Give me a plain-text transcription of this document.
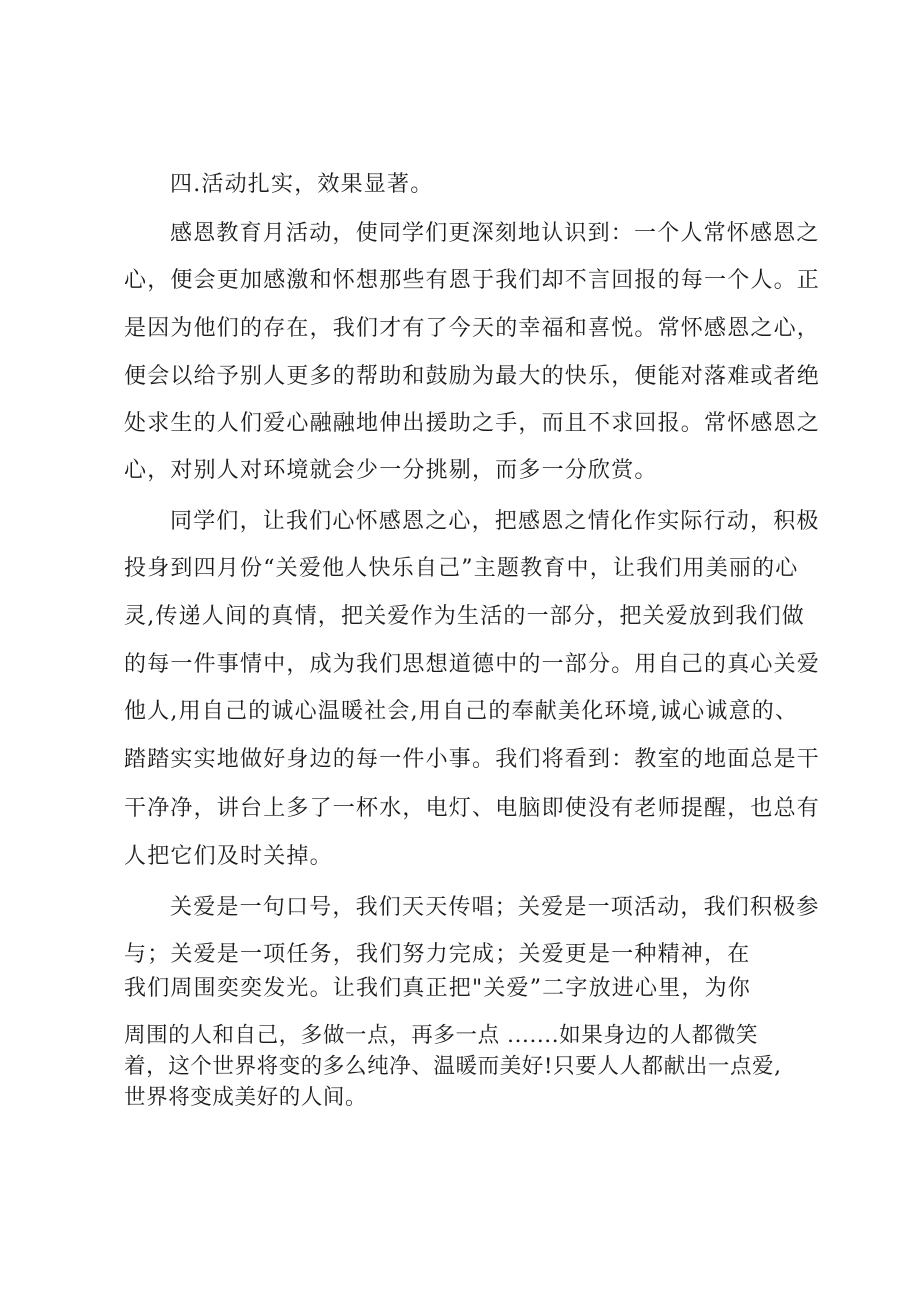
四.活动扎实，效果显著。
感恩教育月活动，使同学们更深刻地认识到：一个人常怀感恩之
心，便会更加感激和怀想那些有恩于我们却不言回报的每一个人。正
是因为他们的存在，我们才有了今天的幸福和喜悦。常怀感恩之心，
便会以给予别人更多的帮助和鼓励为最大的快乐，便能对落难或者绝
处求生的人们爱心融融地伸出援助之手，而且不求回报。常怀感恩之
心，对别人对环境就会少一分挑剔，而多一分欣赏。
同学们，让我们心怀感恩之心，把感恩之情化作实际行动，积极
投身到四月份“关爱他人快乐自己”主题教育中，让我们用美丽的心
灵,传递人间的真情，把关爱作为生活的一部分，把关爱放到我们做
的每一件事情中，成为我们思想道德中的一部分。用自己的真心关爱
他人,用自己的诚心温暖社会,用自己的奉献美化环境,诚心诚意的、
踏踏实实地做好身边的每一件小事。我们将看到：教室的地面总是干
干净净，讲台上多了一杯水，电灯、电脑即使没有老师提醒，也总有
人把它们及时关掉。
关爱是一句口号，我们天天传唱；关爱是一项活动，我们积极参
与；关爱是一项任务，我们努力完成；关爱更是一种精神，在
我们周围奕奕发光。让我们真正把"关爱”二字放进心里，为你
周围的人和自己，多做一点，再多一点 .......如果身边的人都微笑
着，这个世界将变的多么纯净、温暖而美好!只要人人都献出一点爱,
世界将变成美好的人间。
